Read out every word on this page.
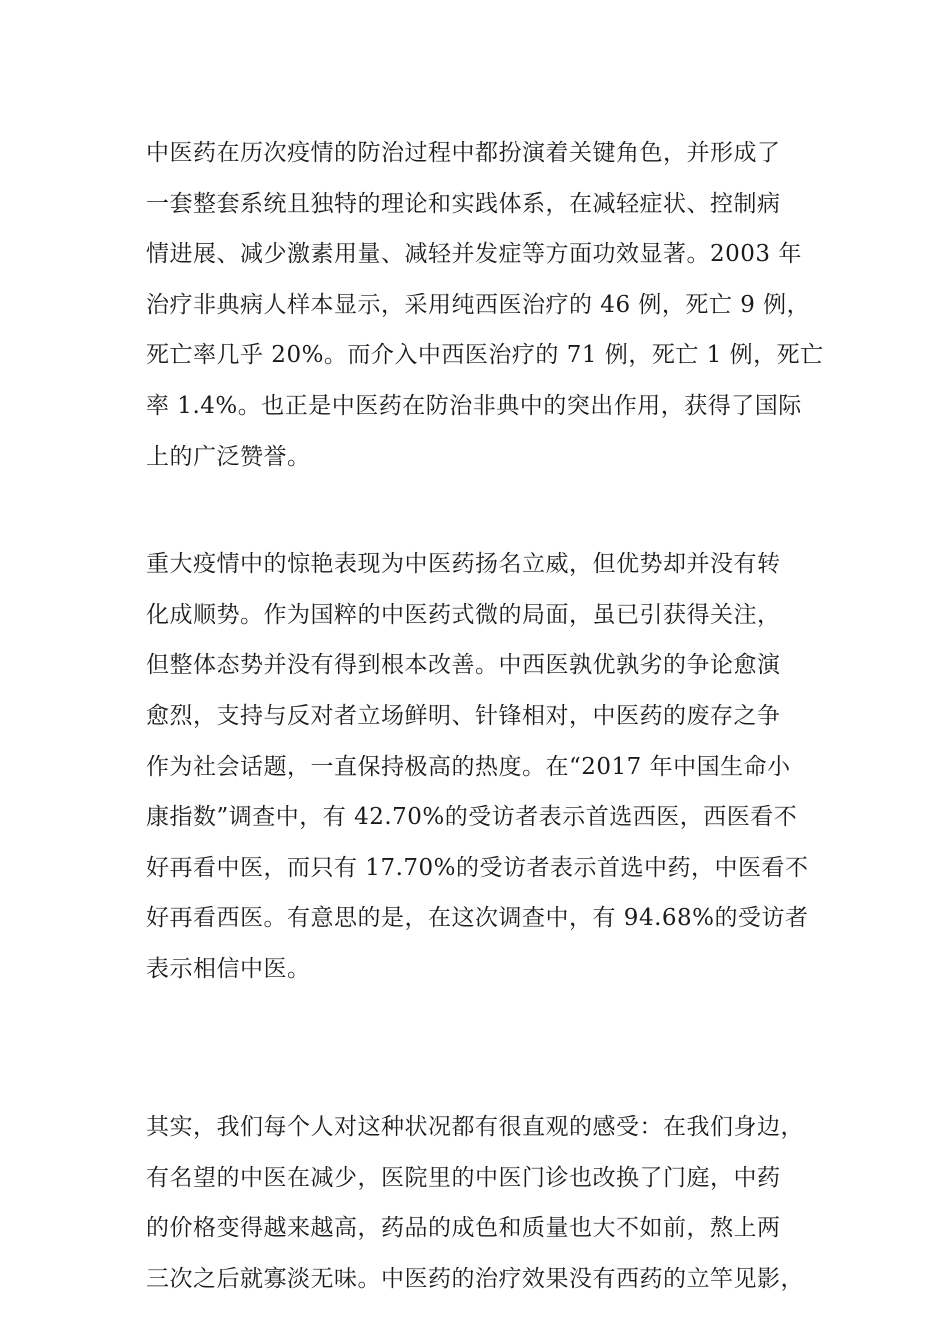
中医药在历次疫情的防治过程中都扮演着关键角色，并形成了
一套整套系统且独特的理论和实践体系，在减轻症状、控制病
情进展、减少激素用量、减轻并发症等方面功效显著。2003 年
治疗非典病人样本显示，采用纯西医治疗的 46 例，死亡 9 例，
死亡率几乎 20%。而介入中西医治疗的 71 例，死亡 1 例，死亡
率 1.4%。也正是中医药在防治非典中的突出作用，获得了国际
上的广泛赞誉。
重大疫情中的惊艳表现为中医药扬名立威，但优势却并没有转
化成顺势。作为国粹的中医药式微的局面，虽已引获得关注，
但整体态势并没有得到根本改善。中西医孰优孰劣的争论愈演
愈烈，支持与反对者立场鲜明、针锋相对，中医药的废存之争
作为社会话题，一直保持极高的热度。在“2017 年中国生命小
康指数”调查中，有 42.70%的受访者表示首选西医，西医看不
好再看中医，而只有 17.70%的受访者表示首选中药，中医看不
好再看西医。有意思的是，在这次调查中，有 94.68%的受访者
表示相信中医。
其实，我们每个人对这种状况都有很直观的感受：在我们身边，
有名望的中医在减少，医院里的中医门诊也改换了门庭，中药
的价格变得越来越高，药品的成色和质量也大不如前，熬上两
三次之后就寡淡无味。中医药的治疗效果没有西药的立竿见影，
